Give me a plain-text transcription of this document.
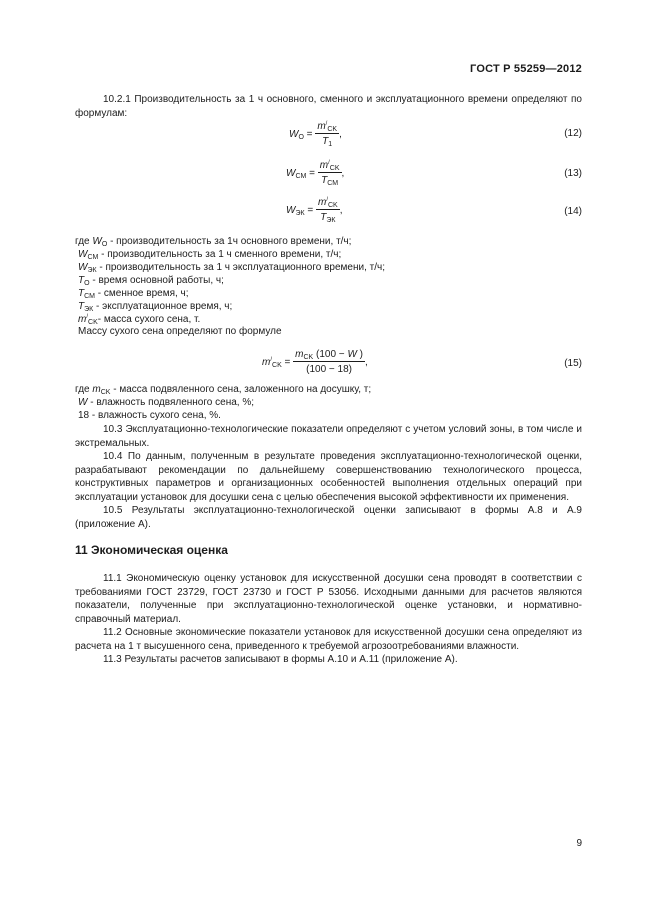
ГОСТ Р 55259—2012
10.2.1 Производительность за 1 ч основного, сменного и эксплуатационного времени определяют по формулам:
$W_O = \frac{m^/_{CK}}{T_1}$ ,	(12)
$W_{CM} = \frac{m^/_{CK}}{T_{CM}}$ ,	(13)
$W_{ЭК} = \frac{m^/_{CK}}{T_{ЭК}}$ ,	(14)
где $W_O$ - производительность за 1ч основного времени, т/ч;
$W_{CM}$ - производительность за 1 ч сменного времени, т/ч;
$W_{ЭК}$ - производительность за 1 ч эксплуатационного времени, т/ч;
$T_O$ - время основной работы, ч;
$T_{CM}$ - сменное время, ч;
$T_{ЭК}$ - эксплуатационное время, ч;
$m^/_{CK}-$ масса сухого сена, т.
Массу сухого сена определяют по формуле
$m^/_{CK} = \frac{m_{CK} (100 - W )}{(100 - 18)}$ ,	(15)
где $m_{CK}$ - масса подвяленного сена, заложенного на досушку, т;
W - влажность подвяленного сена, %;
18 - влажность сухого сена, %.
10.3 Эксплуатационно-технологические показатели определяют с учетом условий зоны, в том числе и экстремальных.
10.4 По данным, полученным в результате проведения эксплуатационно-технологической оценки, разрабатывают рекомендации по дальнейшему совершенствованию технологического процесса, конструктивных параметров и организационных особенностей выполнения отдельных операций при эксплуатации установок для досушки сена с целью обеспечения высокой эффективности их применения.
10.5 Результаты эксплуатационно-технологической оценки записывают в формы А.8 и А.9 (приложение А).
11 Экономическая оценка
11.1 Экономическую оценку установок для искусственной досушки сена проводят в соответствии с требованиями ГОСТ 23729, ГОСТ 23730 и ГОСТ Р 53056. Исходными данными для расчетов являются показатели, полученные при эксплуатационно-технологической оценке установки, и нормативно-справочный материал.
11.2 Основные экономические показатели установок для искусственной досушки сена определяют из расчета на 1 т высушенного сена, приведенного к требуемой агрозоотребованиями влажности.
11.3 Результаты расчетов записывают в формы А.10 и А.11 (приложение А).
9
